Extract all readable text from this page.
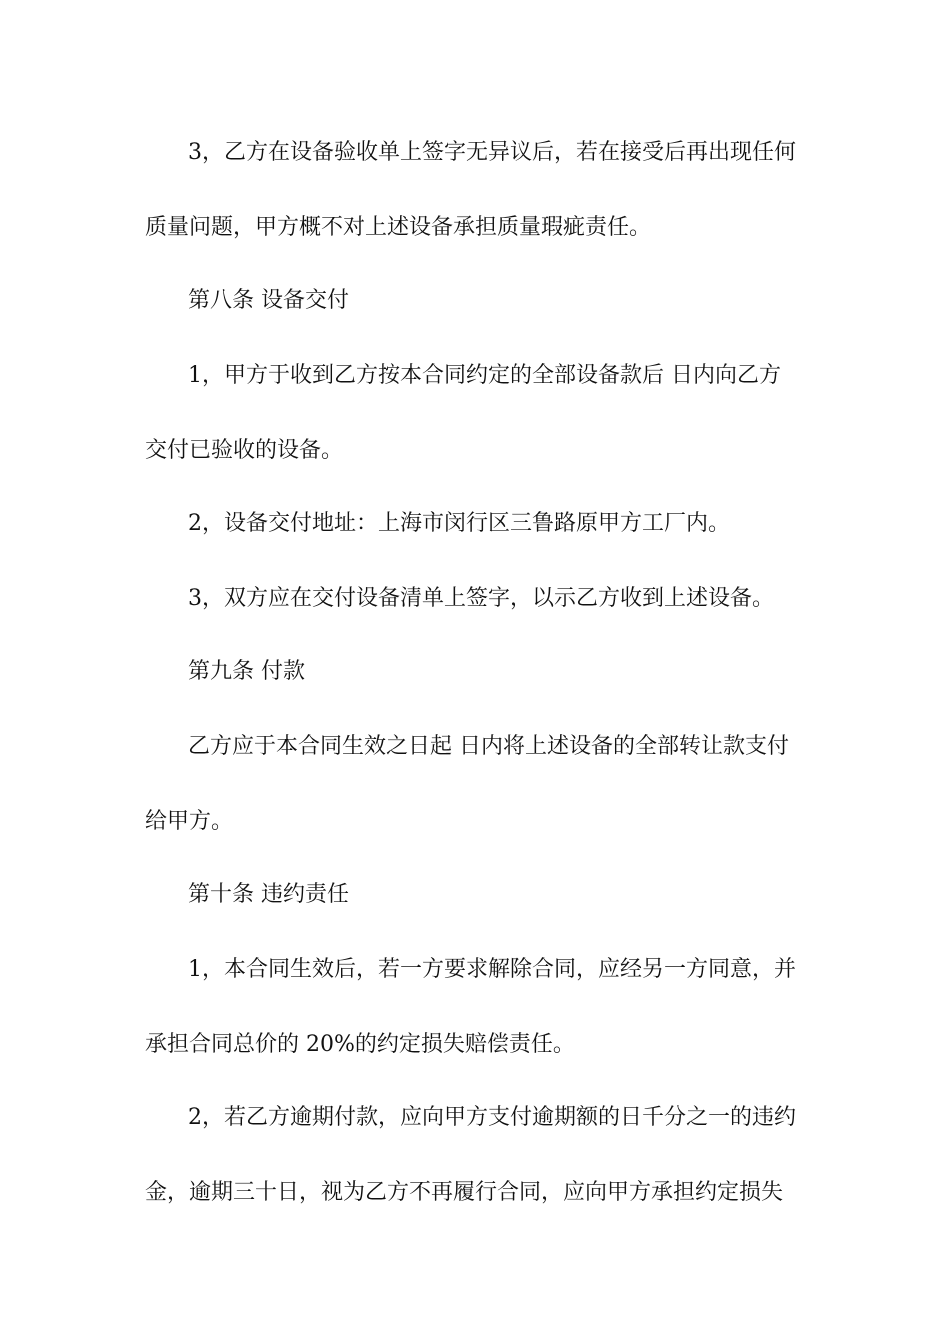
3，乙方在设备验收单上签字无异议后，若在接受后再出现任何
质量问题，甲方概不对上述设备承担质量瑕疵责任。
第八条 设备交付
1，甲方于收到乙方按本合同约定的全部设备款后 日内向乙方
交付已验收的设备。
2，设备交付地址：上海市闵行区三鲁路原甲方工厂内。
3，双方应在交付设备清单上签字，以示乙方收到上述设备。
第九条 付款
乙方应于本合同生效之日起 日内将上述设备的全部转让款支付
给甲方。
第十条 违约责任
1，本合同生效后，若一方要求解除合同，应经另一方同意，并
承担合同总价的 20%的约定损失赔偿责任。
2，若乙方逾期付款，应向甲方支付逾期额的日千分之一的违约
金，逾期三十日，视为乙方不再履行合同，应向甲方承担约定损失
